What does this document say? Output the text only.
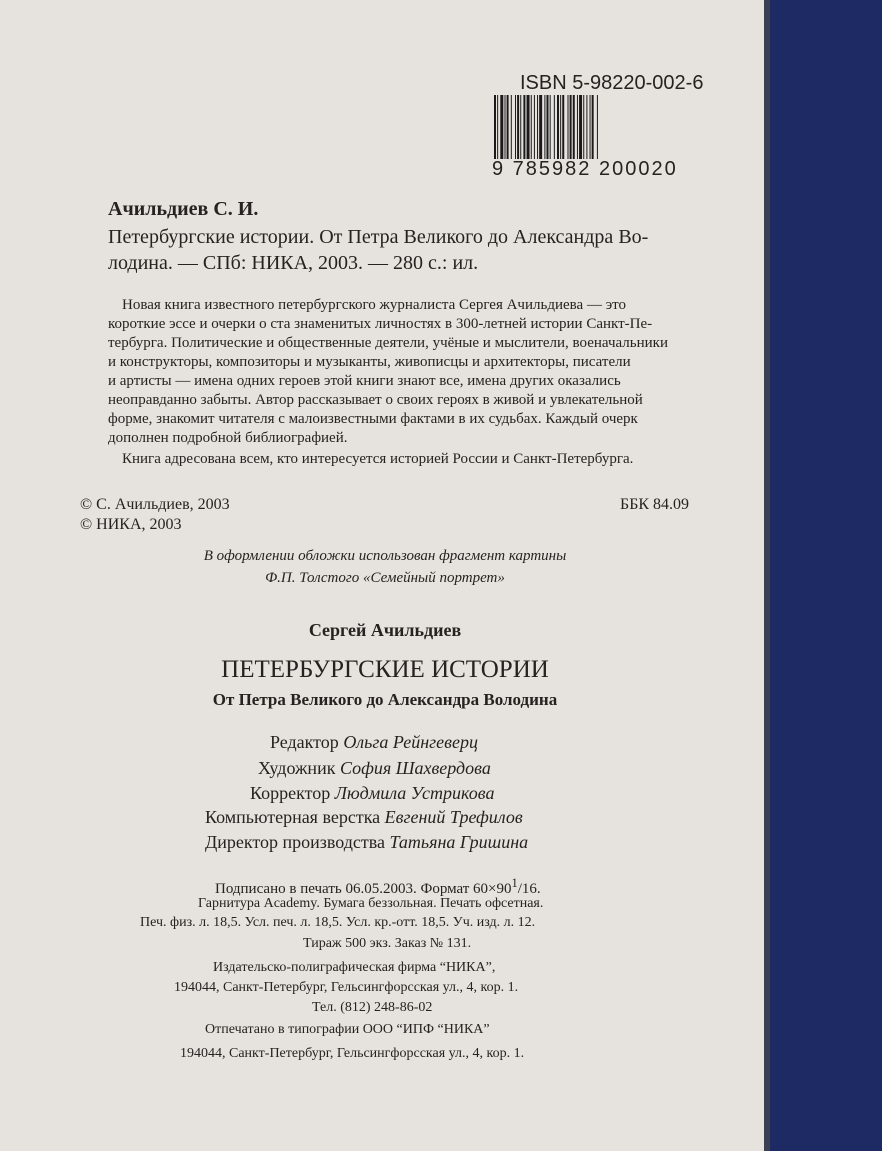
ISBN 5-98220-002-6
9 785982 200020
Ачильдиев С. И.
Петербургские истории. От Петра Великого до Александра Во-
лодина. — СПб: НИКА, 2003. — 280 с.: ил.
Новая книга известного петербургского журналиста Сергея Ачильдиева — это
короткие эссе и очерки о ста знаменитых личностях в 300-летней истории Санкт-Пе-
тербурга. Политические и общественные деятели, учёные и мыслители, военачальники
и конструкторы, композиторы и музыканты, живописцы и архитекторы, писатели
и артисты — имена одних героев этой книги знают все, имена других оказались
неоправданно забыты. Автор рассказывает о своих героях в живой и увлекательной
форме, знакомит читателя с малоизвестными фактами в их судьбах. Каждый очерк
дополнен подробной библиографией.
Книга адресована всем, кто интересуется историей России и Санкт-Петербурга.
© С. Ачильдиев, 2003
© НИКА, 2003
ББК 84.09
В оформлении обложки использован фрагмент картины
Ф.П. Толстого «Семейный портрет»
Сергей Ачильдиев
ПЕТЕРБУРГСКИЕ ИСТОРИИ
От Петра Великого до Александра Володина
Редактор Ольга Рейнгеверц
Художник София Шахвердова
Корректор Людмила Устрикова
Компьютерная верстка Евгений Трефилов
Директор производства Татьяна Гришина
Подписано в печать 06.05.2003. Формат $60\times 90^1/16$.
Гарнитура Academy. Бумага беззольная. Печать офсетная.
Печ. физ. л. 18,5. Усл. печ. л. 18,5. Усл. кр.-отт. 18,5. Уч. изд. л. 12.
Тираж 500 экз. Заказ № 131.
Издательско-полиграфическая фирма “НИКА”,
194044, Санкт-Петербург, Гельсингфорсская ул., 4, кор. 1.
Тел. (812) 248-86-02
Отпечатано в типографии ООО “ИПФ “НИКА”
194044, Санкт-Петербург, Гельсингфорсская ул., 4, кор. 1.
